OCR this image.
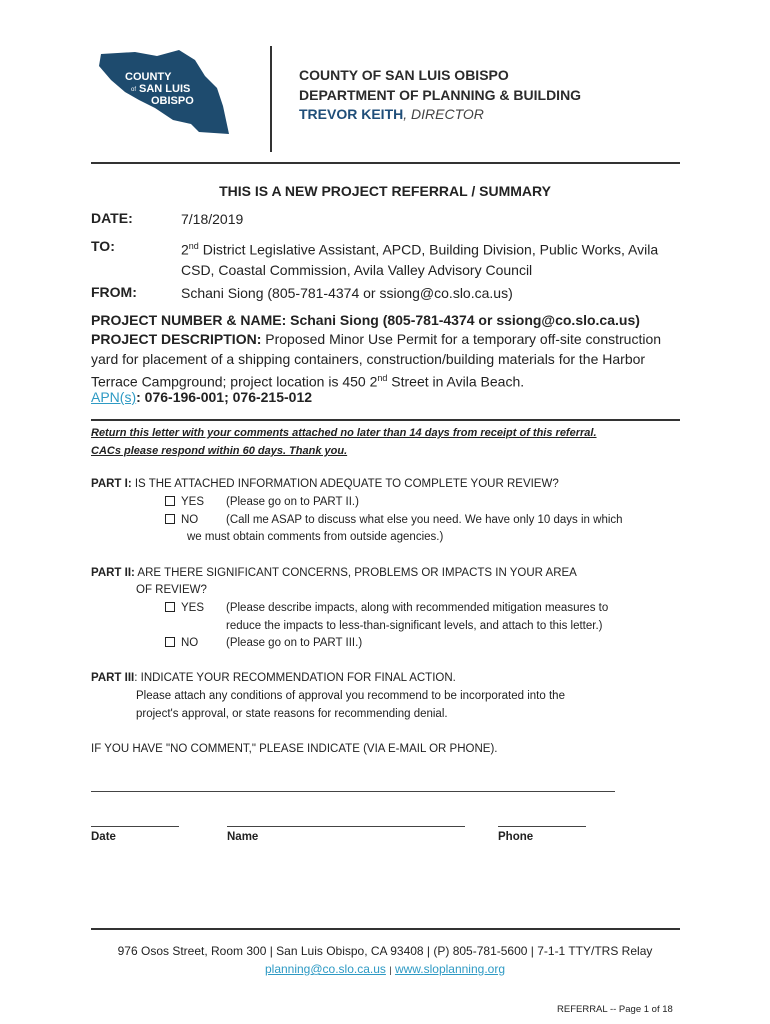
COUNTY
of SAN LUIS
OBISPO
COUNTY OF SAN LUIS OBISPO
DEPARTMENT OF PLANNING & BUILDING
TREVOR KEITH, DIRECTOR
THIS IS A NEW PROJECT REFERRAL / SUMMARY
DATE:	7/18/2019
TO:	2nd District Legislative Assistant, APCD, Building Division, Public Works, Avila CSD, Coastal Commission, Avila Valley Advisory Council
FROM:	Schani Siong (805-781-4374 or ssiong@co.slo.ca.us)
PROJECT NUMBER & NAME: Schani Siong (805-781-4374 or ssiong@co.slo.ca.us)
PROJECT DESCRIPTION: Proposed Minor Use Permit for a temporary off-site construction yard for placement of a shipping containers, construction/building materials for the Harbor Terrace Campground; project location is 450 2nd Street in Avila Beach.
APN(s): 076-196-001; 076-215-012
Return this letter with your comments attached no later than 14 days from receipt of this referral.
CACs please respond within 60 days. Thank you.
PART I: IS THE ATTACHED INFORMATION ADEQUATE TO COMPLETE YOUR REVIEW?
YES (Please go on to PART II.)
NO (Call me ASAP to discuss what else you need. We have only 10 days in which
we must obtain comments from outside agencies.)
PART II: ARE THERE SIGNIFICANT CONCERNS, PROBLEMS OR IMPACTS IN YOUR AREA
OF REVIEW?
YES (Please describe impacts, along with recommended mitigation measures to
reduce the impacts to less-than-significant levels, and attach to this letter.)
NO (Please go on to PART III.)
PART III: INDICATE YOUR RECOMMENDATION FOR FINAL ACTION.
Please attach any conditions of approval you recommend to be incorporated into the
project's approval, or state reasons for recommending denial.
IF YOU HAVE "NO COMMENT," PLEASE INDICATE (VIA E-MAIL OR PHONE).
Date	Name	Phone
976 Osos Street, Room 300 | San Luis Obispo, CA 93408 | (P) 805-781-5600 | 7-1-1 TTY/TRS Relay
planning@co.slo.ca.us | www.sloplanning.org
REFERRAL -- Page 1 of 18
